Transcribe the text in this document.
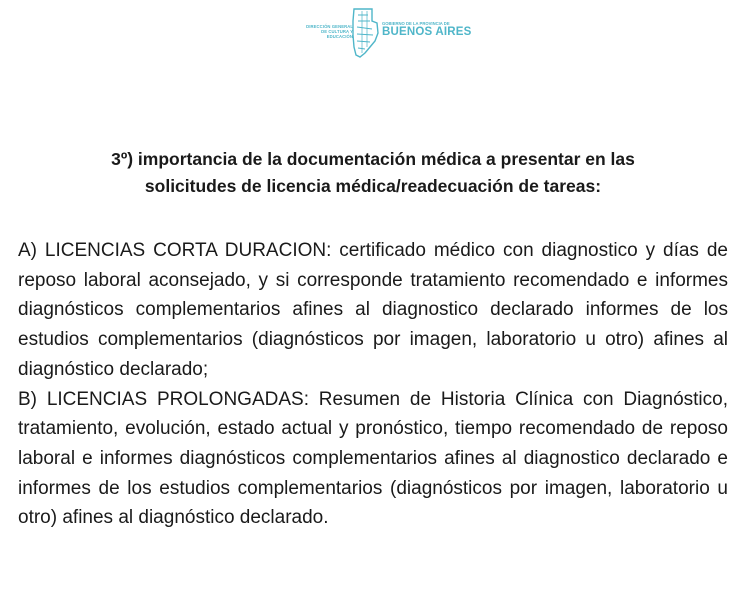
DIRECCIÓN GENERAL
DE CULTURA Y EDUCACIÓN
GOBIERNO DE LA PROVINCIA DE
BUENOS AIRES
3º) importancia de la documentación médica a presentar en las
solicitudes de licencia médica/readecuación de tareas:

A) LICENCIAS CORTA DURACION: certificado médico con diagnostico y días de reposo laboral aconsejado, y si corresponde tratamiento recomendado e informes diagnósticos complementarios afines al diagnostico declarado informes de los estudios complementarios (diagnósticos por imagen, laboratorio u otro) afines al diagnóstico declarado;

B) LICENCIAS PROLONGADAS: Resumen de Historia Clínica con Diagnóstico, tratamiento, evolución, estado actual y pronóstico, tiempo recomendado de reposo laboral e informes diagnósticos complementarios afines al diagnostico declarado e informes de los estudios complementarios (diagnósticos por imagen, laboratorio u otro) afines al diagnóstico declarado.
